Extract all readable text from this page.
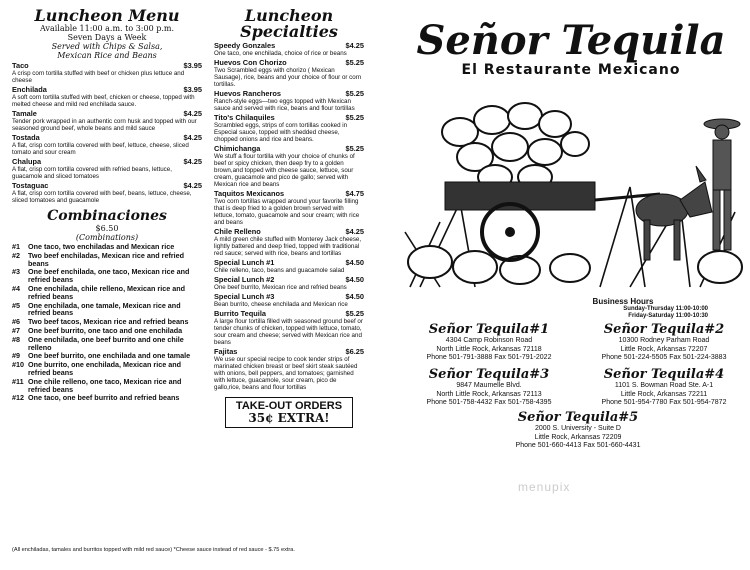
Luncheon Menu
Available 11:00 a.m. to 3:00 p.m.
Seven Days a Week
Served with Chips & Salsa,
Mexican Rice and Beans
Taco	$3.95
A crisp corn tortilla stuffed with beef or chicken plus lettuce and cheese
Enchilada	$3.95
A soft corn tortilla stuffed with beef, chicken or cheese, topped with melted cheese and mild red enchilada sauce.
Tamale	$4.25
Tender pork wrapped in an authentic corn husk and topped with our seasoned ground beef, whole beans and mild sauce
Tostada	$4.25
A flat, crisp corn tortilla covered with beef, lettuce, cheese, sliced tomato and sour cream
Chalupa	$4.25
A flat, crisp corn tortilla covered with refried beans, lettuce, guacamole and sliced tomatoes
Tostaguac	$4.25
A flat, crisp corn tortilla covered with beef, beans, lettuce, cheese, sliced tomatoes and guacamole
Combinaciones
$6.50
(Combinations)
#1	One taco, two enchiladas and Mexican rice
#2	Two beef enchiladas, Mexican rice and refried beans
#3	One beef enchilada, one taco, Mexican rice and refried beans
#4	One enchilada, chile relleno, Mexican rice and refried beans
#5	One enchilada, one tamale, Mexican rice and refried beans
#6	Two beef tacos, Mexican rice and refried beans
#7	One beef burrito, one taco and one enchilada
#8	One enchilada, one beef burrito and one chile relleno
#9	One beef burrito, one enchilada and one tamale
#10 One burrito, one enchilada, Mexican rice and refried beans
#11 One chile relleno, one taco, Mexican rice and refried beans
#12 One taco, one beef burrito and refried beans
(All enchiladas, tamales and burritos topped with mild red sauce) *Cheese sauce instead of red sauce - $.75 extra.
Luncheon
Specialties
Speedy Gonzales	$4.25
One taco, one enchilada, choice of rice or beans
Huevos Con Chorizo	$5.25
Two Scrambled eggs with chorizo ( Mexican Sausage), rice, beans and your choice of flour or corn tortillas.
Huevos Rancheros	$5.25
Ranch-style eggs—two eggs topped with Mexican sauce and served with rice, beans and flour tortillas
Tito's Chilaquiles	$5.25
Scrambled eggs, strips of corn tortillas cooked in Especial sauce, topped with shedded cheese, chopped onions and rice and beans.
Chimichanga	$5.25
We stuff a flour tortilla with your choice of chunks of beef or spicy chicken, then deep fry to a golden brown,and topped with cheese sauce, lettuce, sour cream, guacamole and pico de gallo; served with Mexican rice and beans
Taquitos Mexicanos	$4.75
Two corn tortillas wrapped around your favorite filling that is deep fried to a golden brown served with lettuce, tomato, guacamole and sour cream; with rice and beans
Chile Relleno	$4.25
A mild green chile stuffed with Monterey Jack cheese, lightly battered and deep fried, topped with traditional red sauce; served with rice, beans and tortillas
Special Lunch #1	$4.50
Chile relleno, taco, beans and guacamole salad
Special Lunch #2	$4.50
One beef burrito, Mexican rice and refried beans
Special Lunch #3	$4.50
Bean burrito, cheese enchilada and Mexican rice
Burrito Tequila	$5.25
A large flour tortilla filled with seasoned ground beef or tender chunks of chicken, topped with lettuce, tomato, sour cream and cheese; served with Mexican rice and beans
Fajitas	$6.25
We use our special recipe to cook tender strips of marinated chicken breast or beef skirt steak sautéed with onions, bell peppers, and tomatoes; garnished with lettuce, guacamole, sour cream, pico de gallo,rice, beans and flour tortillas
TAKE-OUT ORDERS
35¢ EXTRA!
Señor Tequila
El Restaurante Mexicano
Business Hours
Sunday-Thursday 11:00-10:00
Friday-Saturday 11:00-10:30
Señor Tequila#1
4304 Camp Robinson Road
North Little Rock, Arkansas 72118
Phone 501-791-3888 Fax 501-791-2022
Señor Tequila#2
10300 Rodney Parham Road
Little Rock, Arkansas 72207
Phone 501-224-5505 Fax 501-224-3883
Señor Tequila#3
9847 Maumelle Blvd.
North Little Rock, Arkansas 72113
Phone 501-758-4432 Fax 501-758-4395
Señor Tequila#4
1101 S. Bowman Road Ste. A-1
Little Rock, Arkansas 72211
Phone 501-954-7780 Fax 501-954-7872
Señor Tequila#5
2000 S. University - Suite D
Little Rock, Arkansas 72209
Phone 501-660-4413 Fax 501-660-4431
menupix
